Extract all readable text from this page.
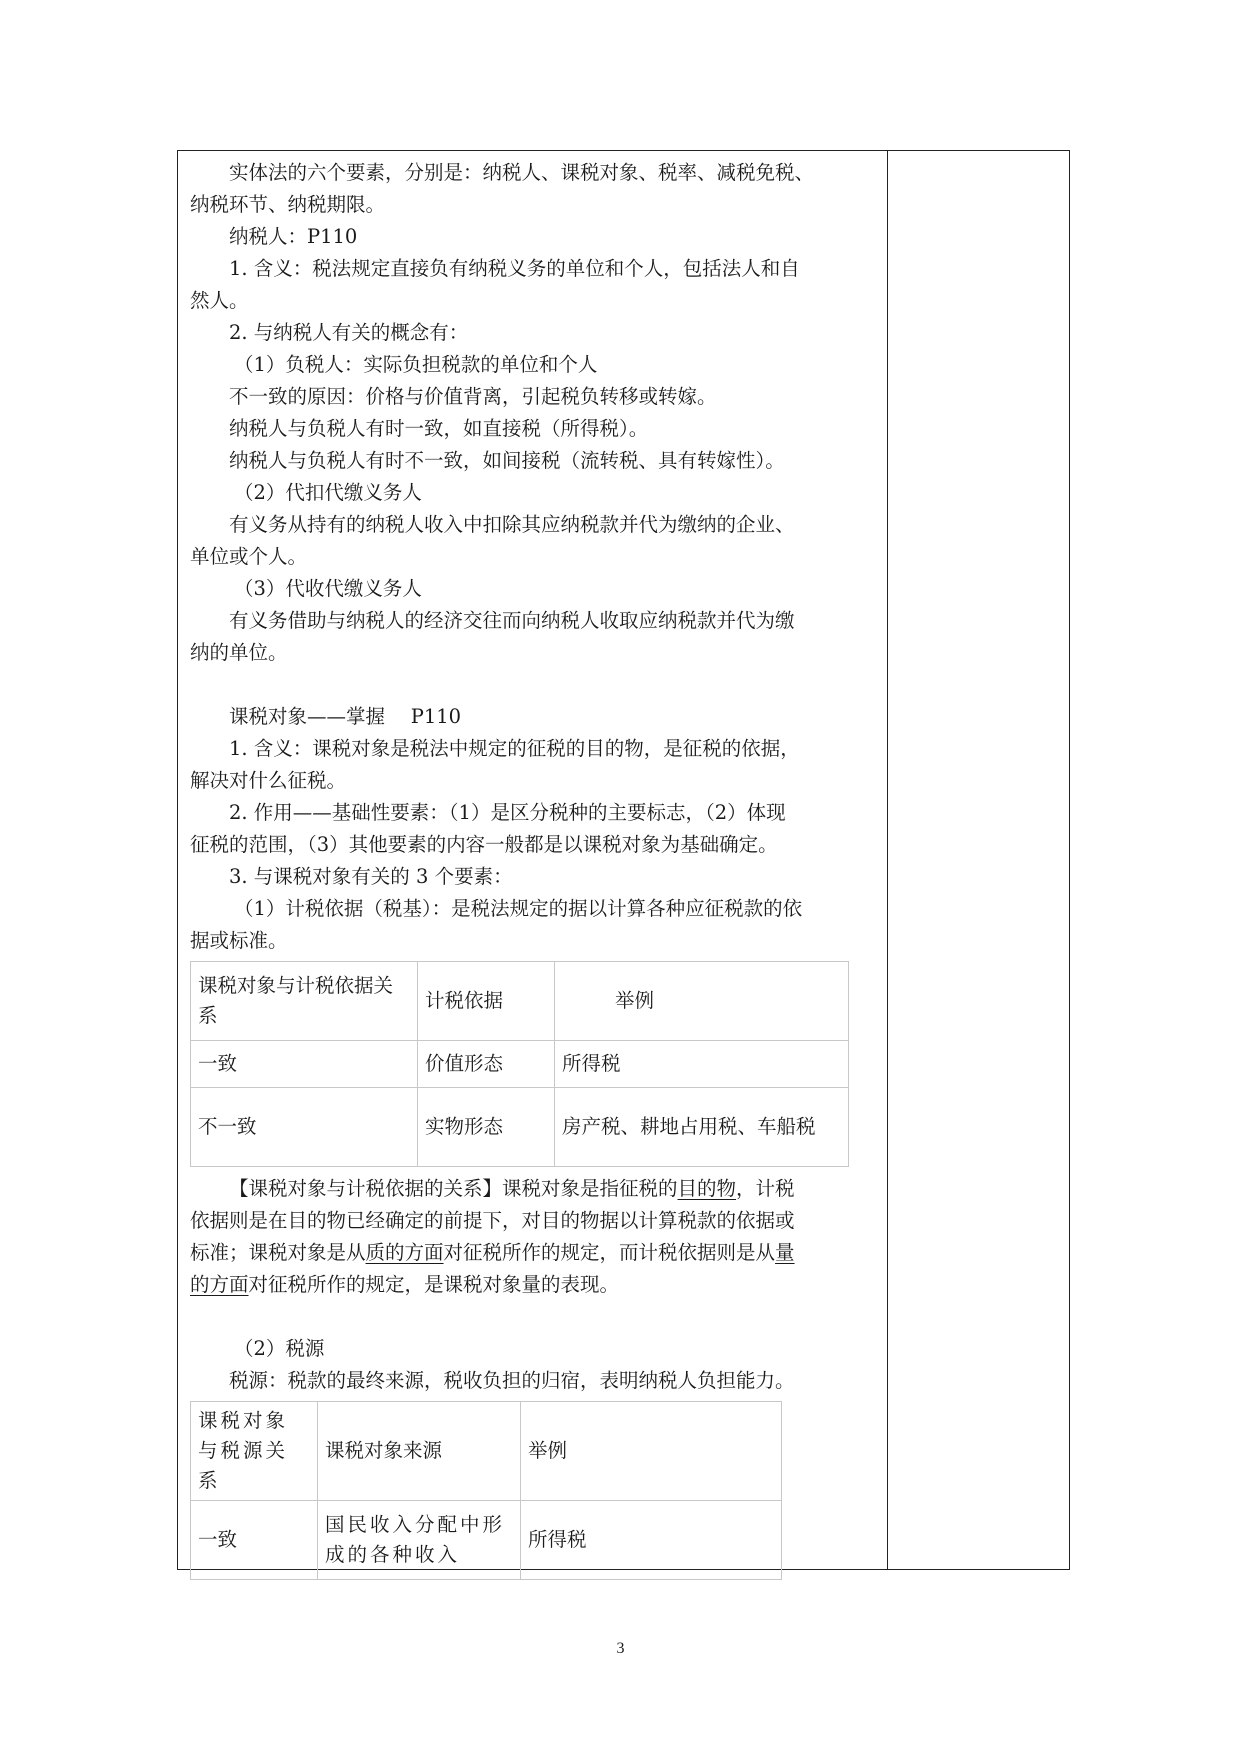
实体法的六个要素，分别是：纳税人、课税对象、税率、减税免税、

纳税环节、纳税期限。

纳税人：P110

1. 含义：税法规定直接负有纳税义务的单位和个人，包括法人和自

然人。

2. 与纳税人有关的概念有：

（1）负税人：实际负担税款的单位和个人

不一致的原因：价格与价值背离，引起税负转移或转嫁。

纳税人与负税人有时一致，如直接税（所得税）。

纳税人与负税人有时不一致，如间接税（流转税、具有转嫁性）。

（2）代扣代缴义务人

有义务从持有的纳税人收入中扣除其应纳税款并代为缴纳的企业、

单位或个人。

（3）代收代缴义务人

有义务借助与纳税人的经济交往而向纳税人收取应纳税款并代为缴

纳的单位。

课税对象——掌握　 P110

1. 含义：课税对象是税法中规定的征税的目的物，是征税的依据，

解决对什么征税。

2. 作用——基础性要素：（1）是区分税种的主要标志，（2）体现

征税的范围，（3）其他要素的内容一般都是以课税对象为基础确定。

3. 与课税对象有关的 3 个要素：

（1）计税依据（税基）：是税法规定的据以计算各种应征税款的依

据或标准。

课税对象与计税依据关系	计税依据	举例
一致	价值形态	所得税
不一致	实物形态	房产税、耕地占用税、车船税

【课税对象与计税依据的关系】课税对象是指征税的目的物，计税

依据则是在目的物已经确定的前提下，对目的物据以计算税款的依据或

标准；课税对象是从质的方面对征税所作的规定，而计税依据则是从量

的方面对征税所作的规定，是课税对象量的表现。

（2）税源

税源：税款的最终来源，税收负担的归宿，表明纳税人负担能力。

课税对象与税源关系	课税对象来源	举例
一致	国民收入分配中形成的各种收入	所得税
3
